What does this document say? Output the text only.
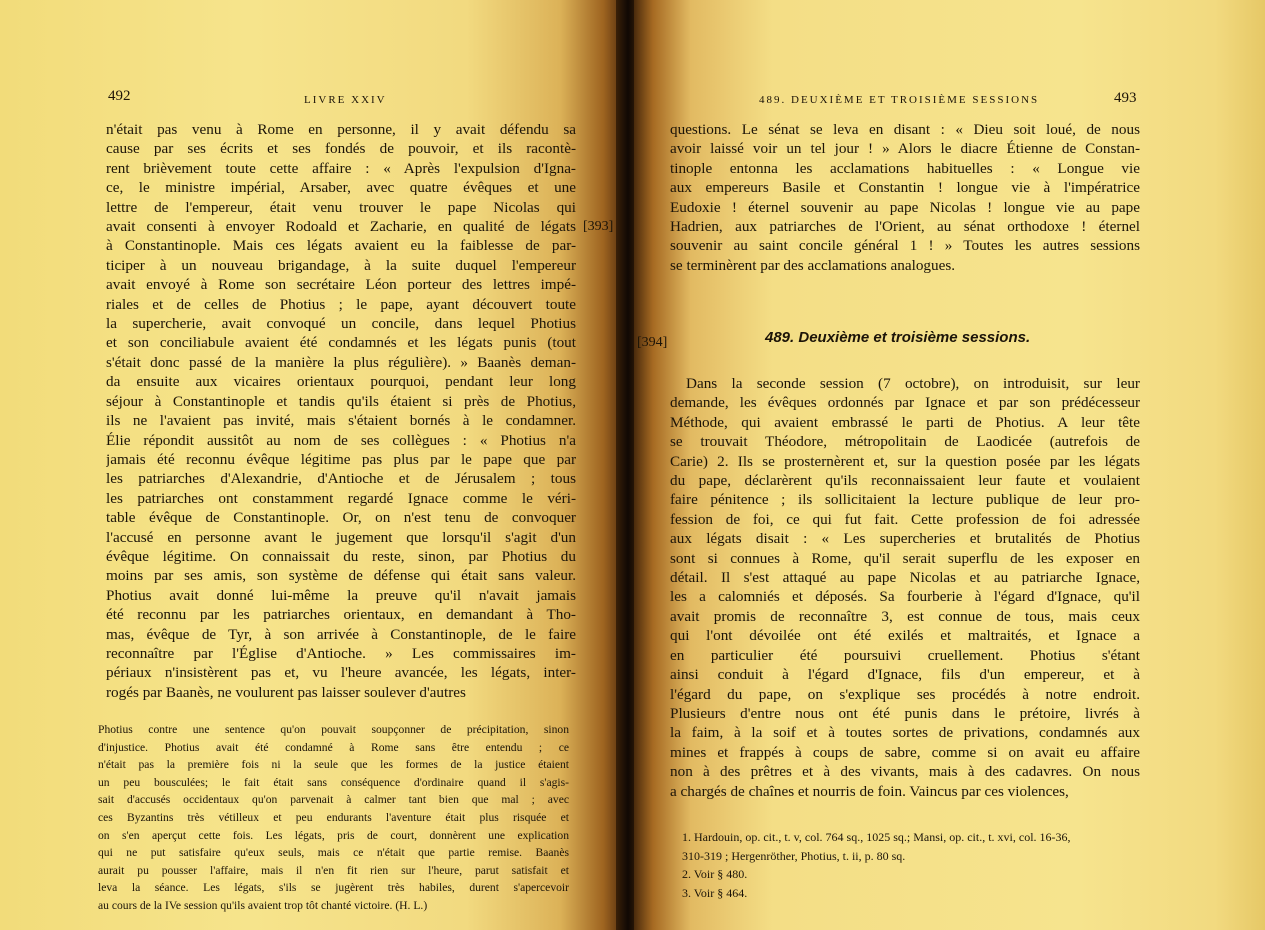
492	LIVRE XXIV
n'était pas venu à Rome en personne, il y avait défendu sa
cause par ses écrits et ses fondés de pouvoir, et ils racontè-
rent brièvement toute cette affaire : « Après l'expulsion d'Igna-
ce, le ministre impérial, Arsaber, avec quatre évêques et une
lettre de l'empereur, était venu trouver le pape Nicolas qui
avait consenti à envoyer Rodoald et Zacharie, en qualité de légats
à Constantinople. Mais ces légats avaient eu la faiblesse de par-
ticiper à un nouveau brigandage, à la suite duquel l'empereur
avait envoyé à Rome son secrétaire Léon porteur des lettres impé-
riales et de celles de Photius ; le pape, ayant découvert toute
la supercherie, avait convoqué un concile, dans lequel Photius
et son conciliabule avaient été condamnés et les légats punis (tout
s'était donc passé de la manière la plus régulière). » Baanès deman-
da ensuite aux vicaires orientaux pourquoi, pendant leur long
séjour à Constantinople et tandis qu'ils étaient si près de Photius,
ils ne l'avaient pas invité, mais s'étaient bornés à le condamner.
Élie répondit aussitôt au nom de ses collègues : « Photius n'a
jamais été reconnu évêque légitime pas plus par le pape que par
les patriarches d'Alexandrie, d'Antioche et de Jérusalem ; tous
les patriarches ont constamment regardé Ignace comme le véri-
table évêque de Constantinople. Or, on n'est tenu de convoquer
l'accusé en personne avant le jugement que lorsqu'il s'agit d'un
évêque légitime. On connaissait du reste, sinon, par Photius du
moins par ses amis, son système de défense qui était sans valeur.
Photius avait donné lui-même la preuve qu'il n'avait jamais
été reconnu par les patriarches orientaux, en demandant à Tho-
mas, évêque de Tyr, à son arrivée à Constantinople, de le faire
reconnaître par l'Église d'Antioche. » Les commissaires im-
périaux n'insistèrent pas et, vu l'heure avancée, les légats, inter-
rogés par Baanès, ne voulurent pas laisser soulever d'autres
Photius contre une sentence qu'on pouvait soupçonner de précipitation, sinon
d'injustice. Photius avait été condamné à Rome sans être entendu ; ce
n'était pas la première fois ni la seule que les formes de la justice étaient
un peu bousculées; le fait était sans conséquence d'ordinaire quand il s'agis-
sait d'accusés occidentaux qu'on parvenait à calmer tant bien que mal ; avec
ces Byzantins très vétilleux et peu endurants l'aventure était plus risquée et
on s'en aperçut cette fois. Les légats, pris de court, donnèrent une explication
qui ne put satisfaire qu'eux seuls, mais ce n'était que partie remise. Baanès
aurait pu pousser l'affaire, mais il n'en fit rien sur l'heure, parut satisfait et
leva la séance. Les légats, s'ils se jugèrent très habiles, durent s'apercevoir
au cours de la IVe session qu'ils avaient trop tôt chanté victoire. (H. L.)
[393]
489. DEUXIÈME ET TROISIÈME SESSIONS	493
questions. Le sénat se leva en disant : « Dieu soit loué, de nous
avoir laissé voir un tel jour ! » Alors le diacre Étienne de Constan-
tinople entonna les acclamations habituelles : « Longue vie
aux empereurs Basile et Constantin ! longue vie à l'impératrice
Eudoxie ! éternel souvenir au pape Nicolas ! longue vie au pape
Hadrien, aux patriarches de l'Orient, au sénat orthodoxe ! éternel
souvenir au saint concile général 1 ! » Toutes les autres sessions
se terminèrent par des acclamations analogues.
[394]	489. Deuxième et troisième sessions.
Dans la seconde session (7 octobre), on introduisit, sur leur
demande, les évêques ordonnés par Ignace et par son prédécesseur
Méthode, qui avaient embrassé le parti de Photius. A leur tête
se trouvait Théodore, métropolitain de Laodicée (autrefois de
Carie) 2. Ils se prosternèrent et, sur la question posée par les légats
du pape, déclarèrent qu'ils reconnaissaient leur faute et voulaient
faire pénitence ; ils sollicitaient la lecture publique de leur pro-
fession de foi, ce qui fut fait. Cette profession de foi adressée
aux légats disait : « Les supercheries et brutalités de Photius
sont si connues à Rome, qu'il serait superflu de les exposer en
détail. Il s'est attaqué au pape Nicolas et au patriarche Ignace,
les a calomniés et déposés. Sa fourberie à l'égard d'Ignace, qu'il
avait promis de reconnaître 3, est connue de tous, mais ceux
qui l'ont dévoilée ont été exilés et maltraités, et Ignace a
en particulier été poursuivi cruellement. Photius s'étant
ainsi conduit à l'égard d'Ignace, fils d'un empereur, et à
l'égard du pape, on s'explique ses procédés à notre endroit.
Plusieurs d'entre nous ont été punis dans le prétoire, livrés à
la faim, à la soif et à toutes sortes de privations, condamnés aux
mines et frappés à coups de sabre, comme si on avait eu affaire
non à des prêtres et à des vivants, mais à des cadavres. On nous
a chargés de chaînes et nourris de foin. Vaincus par ces violences,
1. Hardouin, op. cit., t. v, col. 764 sq., 1025 sq.; Mansi, op. cit., t. xvi, col. 16-36,
310-319 ; Hergenröther, Photius, t. ii, p. 80 sq.
2. Voir § 480.
3. Voir § 464.
